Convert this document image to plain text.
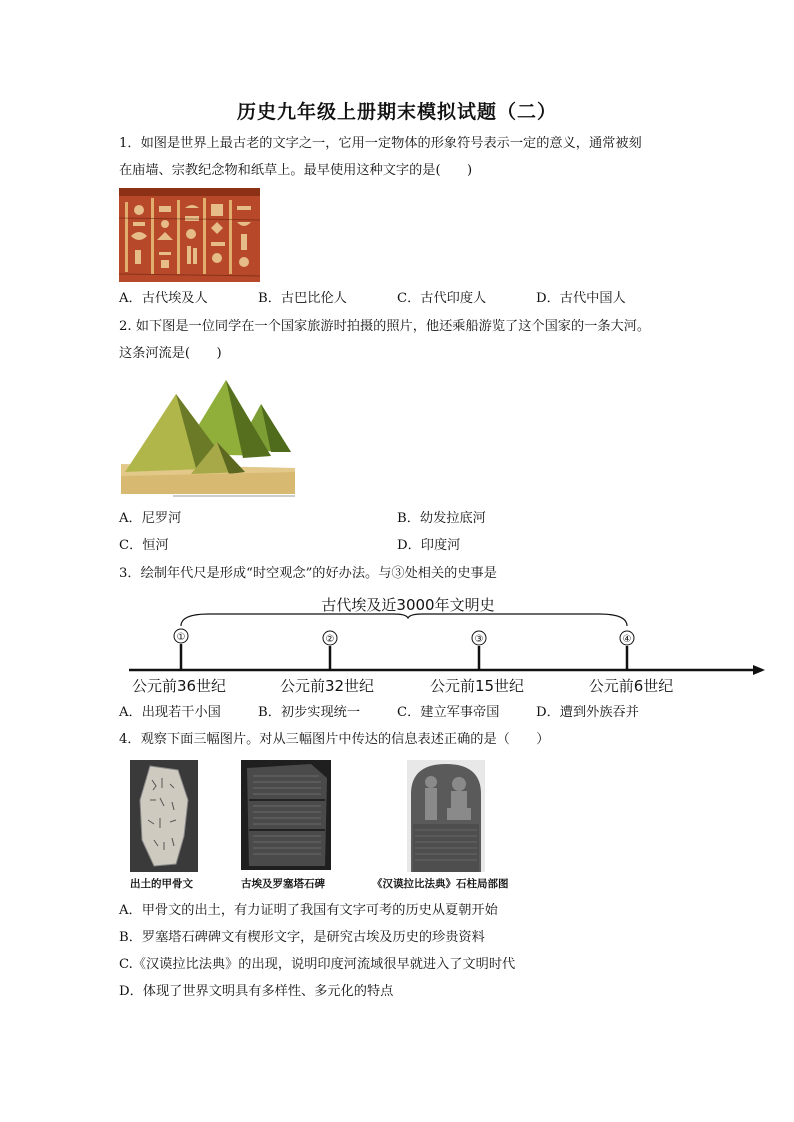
历史九年级上册期末模拟试题（二）
1．如图是世界上最古老的文字之一，它用一定物体的形象符号表示一定的意义，通常被刻
在庙墙、宗教纪念物和纸草上。最早使用这种文字的是(　　)
A．古代埃及人	B．古巴比伦人	C．古代印度人	D．古代中国人
2. 如下图是一位同学在一个国家旅游时拍摄的照片，他还乘船游览了这个国家的一条大河。
这条河流是(　　)
A．尼罗河	B．幼发拉底河
C．恒河	D．印度河
3．绘制年代尺是形成“时空观念”的好办法。与③处相关的史事是
古代埃及近3000年文明史
①	②	③	④
公元前36世纪	公元前32世纪	公元前15世纪	公元前6世纪
A．出现若干小国	B．初步实现统一	C．建立军事帝国	D．遭到外族吞并
4．观察下面三幅图片。对从三幅图片中传达的信息表述正确的是（　　）
出土的甲骨文	古埃及罗塞塔石碑	《汉谟拉比法典》石柱局部图
A．甲骨文的出土，有力证明了我国有文字可考的历史从夏朝开始
B．罗塞塔石碑碑文有楔形文字，是研究古埃及历史的珍贵资料
C.《汉谟拉比法典》的出现，说明印度河流域很早就进入了文明时代
D．体现了世界文明具有多样性、多元化的特点
